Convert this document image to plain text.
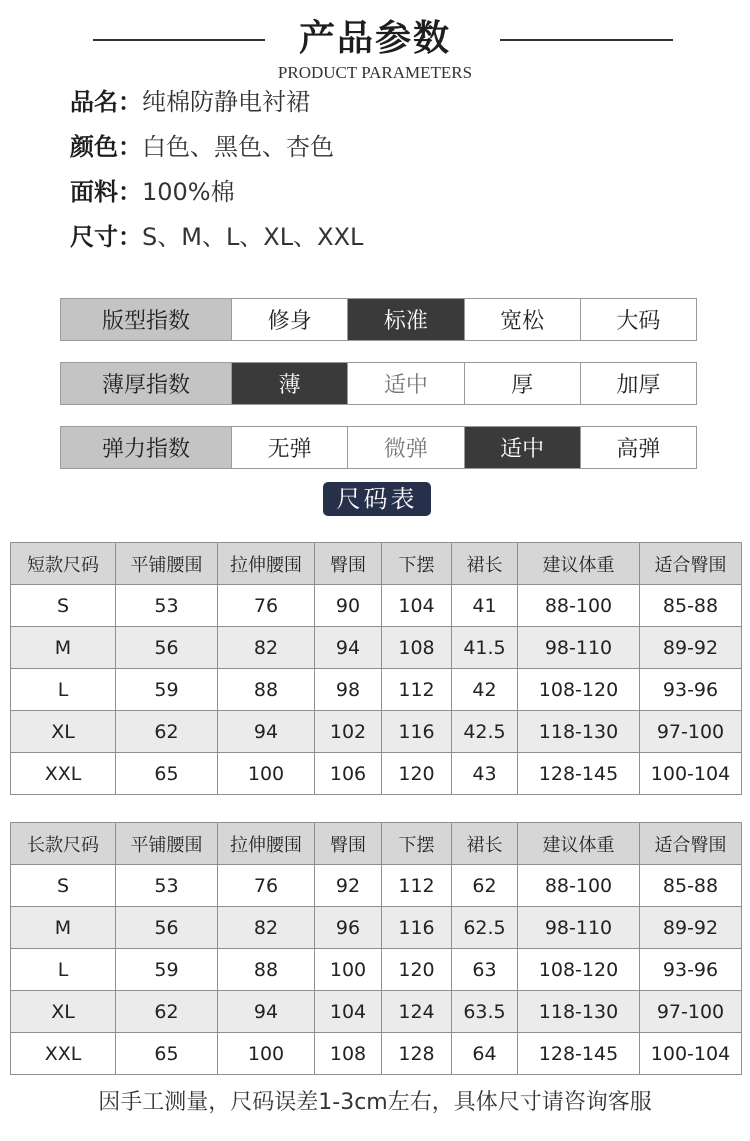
产品参数
PRODUCT PARAMETERS
品名：纯棉防静电衬裙
颜色：白色、黑色、杏色
面料：100%棉
尺寸：S、M、L、XL、XXL
版型指数	修身	标准	宽松	大码
薄厚指数	薄	适中	厚	加厚
弹力指数	无弹	微弹	适中	高弹
尺码表
短款尺码	平铺腰围	拉伸腰围	臀围	下摆	裙长	建议体重	适合臀围
S	53	76	90	104	41	88-100	85-88
M	56	82	94	108	41.5	98-110	89-92
L	59	88	98	112	42	108-120	93-96
XL	62	94	102	116	42.5	118-130	97-100
XXL	65	100	106	120	43	128-145	100-104
长款尺码	平铺腰围	拉伸腰围	臀围	下摆	裙长	建议体重	适合臀围
S	53	76	92	112	62	88-100	85-88
M	56	82	96	116	62.5	98-110	89-92
L	59	88	100	120	63	108-120	93-96
XL	62	94	104	124	63.5	118-130	97-100
XXL	65	100	108	128	64	128-145	100-104
因手工测量，尺码误差1-3cm左右，具体尺寸请咨询客服
